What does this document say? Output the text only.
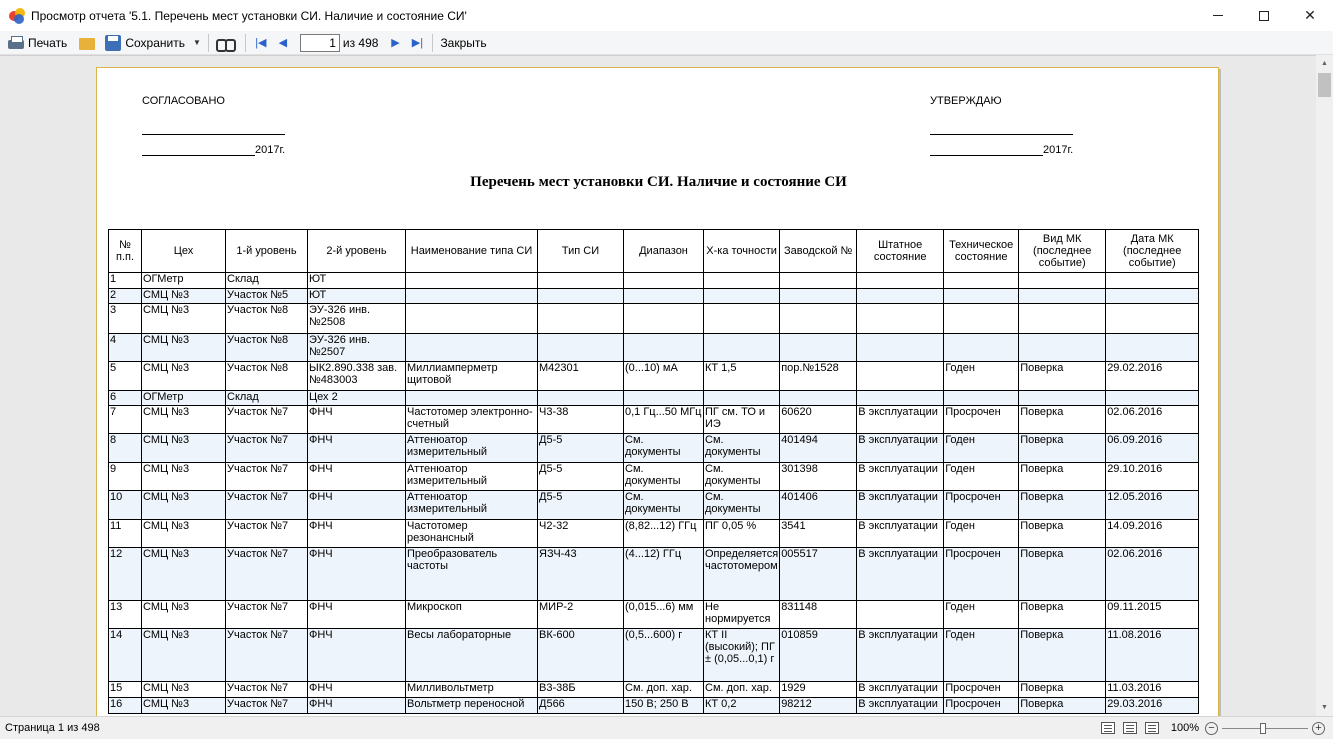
Просмотр отчета '5.1. Перечень мест установки СИ. Наличие и состояние СИ'	✕
Печать	Сохранить ▼	|◀	◀
1	из 498	▶	▶| Закрыть
СОГЛАСОВАНО
2017г.
УТВЕРЖДАЮ
2017г.
Перечень мест установки СИ. Наличие и состояние СИ
№ п.п.	Цех	1-й уровень	2-й уровень	Наименование типа СИ	Тип СИ	Диапазон	Х-ка точности	Заводской №	Штатное состояние	Техническое состояние	Вид МК (последнее событие)	Дата МК (последнее событие)
1	ОГМетр	Склад	ЮТ									
2	СМЦ №3	Участок №5	ЮТ									
3	СМЦ №3	Участок №8	ЭУ-326 инв.№2508									
4	СМЦ №3	Участок №8	ЭУ-326 инв.№2507									
5	СМЦ №3	Участок №8	ЫК2.890.338 зав.№483003	Миллиамперметр щитовой	М42301	(0...10) мА	КТ 1,5	пор.№1528		Годен	Поверка	29.02.2016
6	ОГМетр	Склад	Цех 2									
7	СМЦ №3	Участок №7	ФНЧ	Частотомер электронно-счетный	Ч3-38	0,1 Гц...50 МГц	ПГ см. ТО и ИЭ	60620	В эксплуатации	Просрочен	Поверка	02.06.2016
8	СМЦ №3	Участок №7	ФНЧ	Аттенюатор измерительный	Д5-5	См. документы	См. документы	401494	В эксплуатации	Годен	Поверка	06.09.2016
9	СМЦ №3	Участок №7	ФНЧ	Аттенюатор измерительный	Д5-5	См. документы	См. документы	301398	В эксплуатации	Годен	Поверка	29.10.2016
10	СМЦ №3	Участок №7	ФНЧ	Аттенюатор измерительный	Д5-5	См. документы	См. документы	401406	В эксплуатации	Просрочен	Поверка	12.05.2016
11	СМЦ №3	Участок №7	ФНЧ	Частотомер резонансный	Ч2-32	(8,82...12) ГГц	ПГ 0,05 %	3541	В эксплуатации	Годен	Поверка	14.09.2016
12	СМЦ №3	Участок №7	ФНЧ	Преобразователь частоты	ЯЗЧ-43	(4...12) ГГц	Определяется частотомером	005517	В эксплуатации	Просрочен	Поверка	02.06.2016
13	СМЦ №3	Участок №7	ФНЧ	Микроскоп	МИР-2	(0,015...6) мм	Не нормируется	831148		Годен	Поверка	09.11.2015
14	СМЦ №3	Участок №7	ФНЧ	Весы лабораторные	ВК-600	(0,5...600) г	КТ II (высокий); ПГ ± (0,05...0,1) г	010859	В эксплуатации	Годен	Поверка	11.08.2016
15	СМЦ №3	Участок №7	ФНЧ	Милливольтметр	В3-38Б	См. доп. хар.	См. доп. хар.	1929	В эксплуатации	Просрочен	Поверка	11.03.2016
16	СМЦ №3	Участок №7	ФНЧ	Вольтметр переносной	Д566	150 В; 250 В	КТ 0,2	98212	В эксплуатации	Просрочен	Поверка	29.03.2016
▲
▼
Страница 1 из 498	100% −	+
